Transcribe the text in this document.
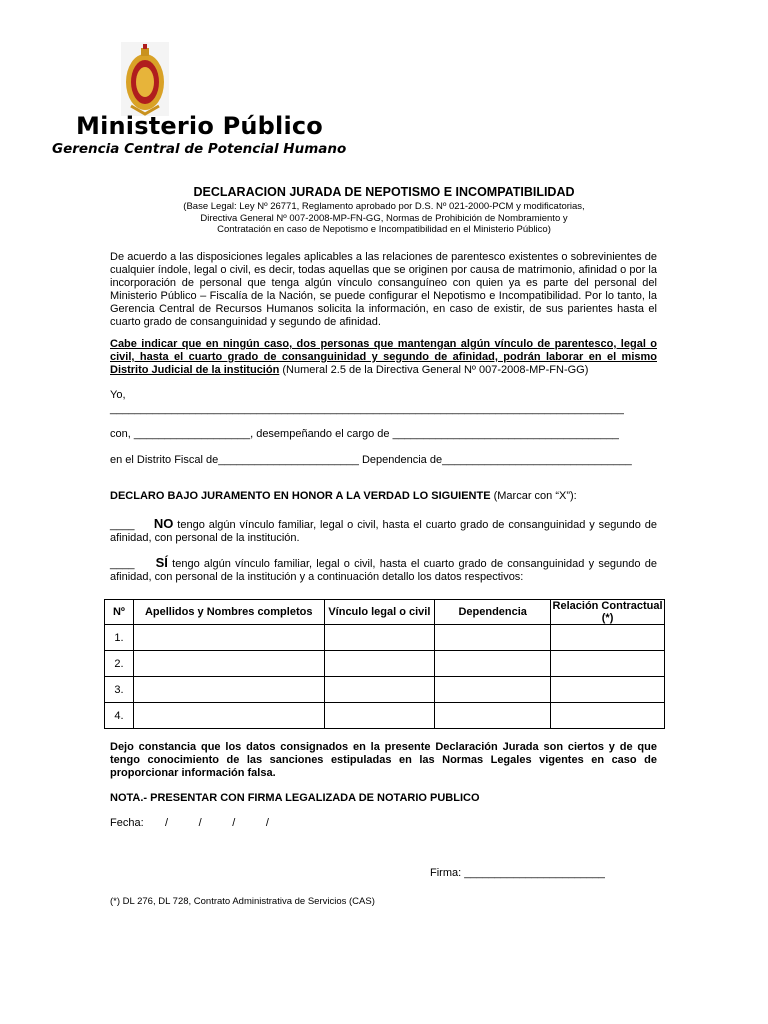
Ministerio Público
Gerencia Central de Potencial Humano
DECLARACION JURADA DE NEPOTISMO E INCOMPATIBILIDAD
(Base Legal: Ley Nº 26771, Reglamento aprobado por D.S. Nº 021-2000-PCM y modificatorias,
Directiva General Nº 007-2008-MP-FN-GG, Normas de Prohibición de Nombramiento y
Contratación en caso de Nepotismo e Incompatibilidad en el Ministerio Público)
De acuerdo a las disposiciones legales aplicables a las relaciones de parentesco existentes o sobrevinientes de cualquier índole, legal o civil, es decir, todas aquellas que se originen por causa de matrimonio, afinidad o por la incorporación de personal que tenga algún vínculo consanguíneo con quien ya es parte del personal del Ministerio Público – Fiscalía de la Nación, se puede configurar el Nepotismo e Incompatibilidad. Por lo tanto, la Gerencia Central de Recursos Humanos solicita la información, en caso de existir, de sus parientes hasta el cuarto grado de consanguinidad y segundo de afinidad.
Cabe indicar que en ningún caso, dos personas que mantengan algún vínculo de parentesco, legal o civil, hasta el cuarto grado de consanguinidad y segundo de afinidad, podrán laborar en el mismo Distrito Judicial de la institución (Numeral 2.5 de la Directiva General Nº 007-2008-MP-FN-GG)
Yo,
____________________________________________________________________________________
con, ___________________, desempeñando el cargo de _____________________________________
en el Distrito Fiscal de_______________________ Dependencia de_______________________________
DECLARO BAJO JURAMENTO EN HONOR A LA VERDAD LO SIGUIENTE (Marcar con “X”):
____     NO tengo algún vínculo familiar, legal o civil, hasta el cuarto grado de consanguinidad y segundo de afinidad, con personal de la institución.
____     SÍ tengo algún vínculo familiar, legal o civil, hasta el cuarto grado de consanguinidad y segundo de afinidad, con personal de la institución y a continuación detallo los datos respectivos:
Nº	Apellidos y Nombres completos	Vínculo legal o civil	Dependencia	Relación Contractual (*)
1.				
2.				
3.				
4.				
Dejo constancia que los datos consignados en la presente Declaración Jurada son ciertos y de que tengo conocimiento de las sanciones estipuladas en las Normas Legales vigentes en caso de proporcionar información falsa.
NOTA.- PRESENTAR CON FIRMA LEGALIZADA DE NOTARIO PUBLICO
Fecha:       /          /          /          /
Firma: _______________________
(*) DL 276, DL 728, Contrato Administrativa de Servicios (CAS)
